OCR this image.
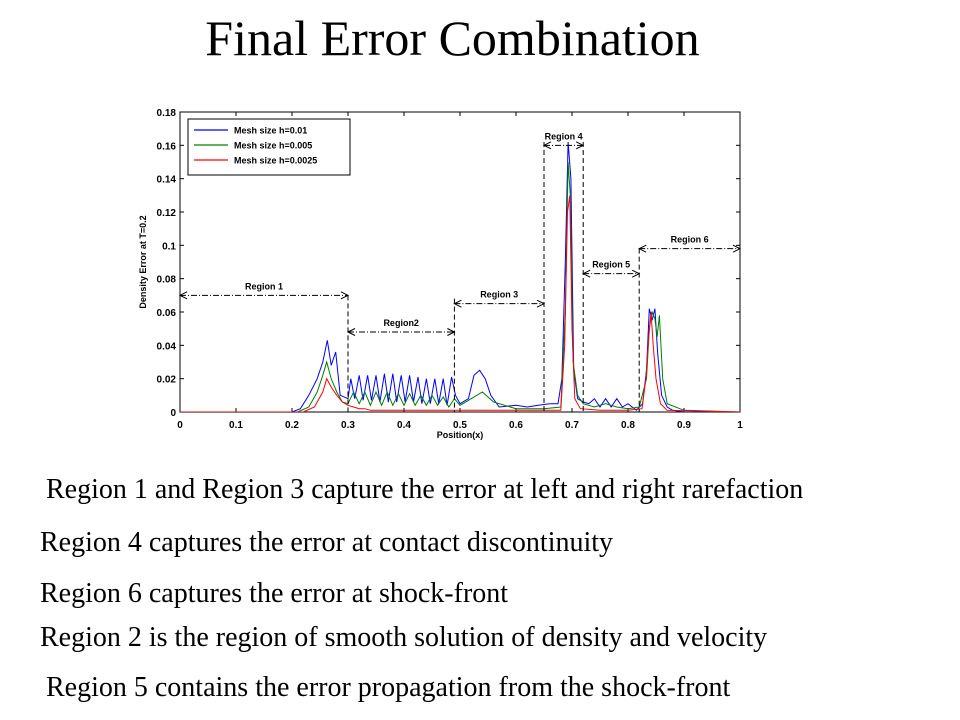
Final Error Combination
0	0.1	0.2	0.3	0.4	0.5	0.6	0.7	0.8	0.9	1
0
0.02
0.04
0.06
0.08
0.1
0.12
0.14
0.16
0.18
Position(x)
Density Error at T=0.2	Region 1
Region2
Region 3
Region 4
Region 5
Region 6
Mesh size h=0.01
Mesh size h=0.005
Mesh size h=0.0025
Region 1 and Region 3 capture the error at left and right rarefaction
Region 4 captures the error at contact discontinuity
Region 6 captures the error at shock-front
Region 2 is the region of smooth solution of density and velocity
Region 5 contains the error propagation from the shock-front
